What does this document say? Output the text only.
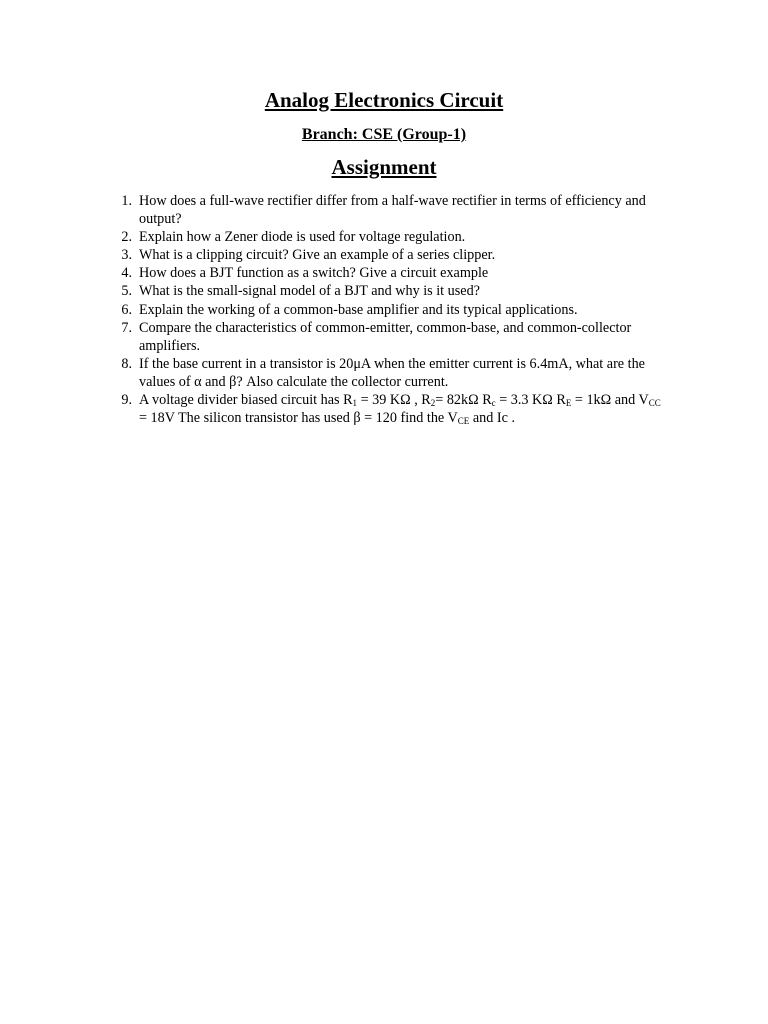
Analog Electronics Circuit
Branch: CSE (Group-1)
Assignment
1. How does a full-wave rectifier differ from a half-wave rectifier in terms of efficiency and output?
2. Explain how a Zener diode is used for voltage regulation.
3. What is a clipping circuit? Give an example of a series clipper.
4. How does a BJT function as a switch? Give a circuit example
5. What is the small-signal model of a BJT and why is it used?
6. Explain the working of a common-base amplifier and its typical applications.
7. Compare the characteristics of common-emitter, common-base, and common-collector amplifiers.
8. If the base current in a transistor is 20μA when the emitter current is 6.4mA, what are the values of α and β? Also calculate the collector current.
9. A voltage divider biased circuit has $R_1 = 39$ KΩ , $R_2= 82k\Omega$ $R_c = 3.3$ KΩ $R_E = 1k\Omega$ and $V_{CC} = 18V$ The silicon transistor has used β = 120 find the $V_{CE}$ and Ic .
